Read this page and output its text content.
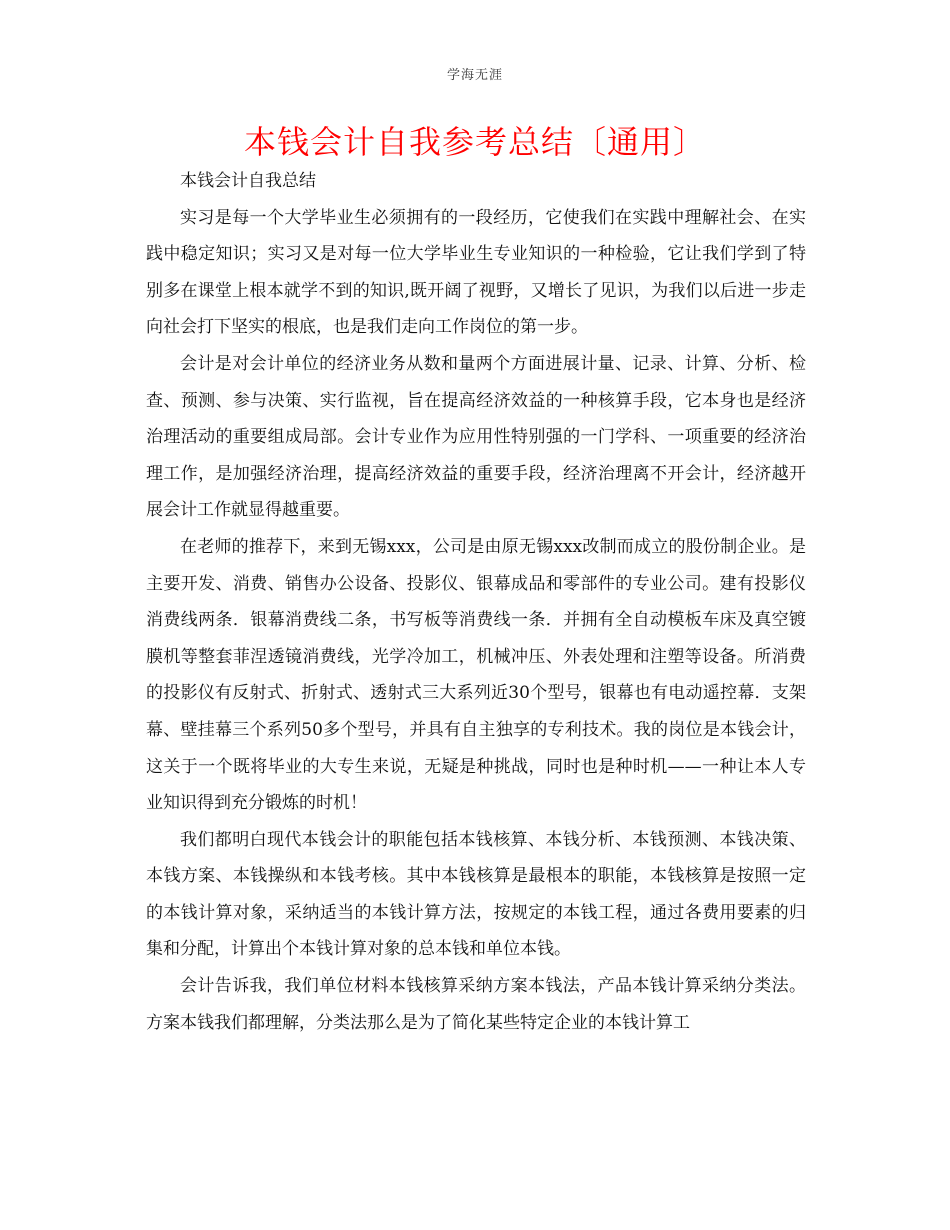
学海无涯
本钱会计自我参考总结〔通用〕

本钱会计自我总结

实习是每一个大学毕业生必须拥有的一段经历，它使我们在实践中理解社会、在实践中稳定知识；实习又是对每一位大学毕业生专业知识的一种检验，它让我们学到了特别多在课堂上根本就学不到的知识,既开阔了视野，又增长了见识，为我们以后进一步走向社会打下坚实的根底，也是我们走向工作岗位的第一步。

会计是对会计单位的经济业务从数和量两个方面进展计量、记录、计算、分析、检查、预测、参与决策、实行监视，旨在提高经济效益的一种核算手段，它本身也是经济治理活动的重要组成局部。会计专业作为应用性特别强的一门学科、一项重要的经济治理工作，是加强经济治理，提高经济效益的重要手段，经济治理离不开会计，经济越开展会计工作就显得越重要。

在老师的推荐下，来到无锡xxx，公司是由原无锡xxx改制而成立的股份制企业。是主要开发、消费、销售办公设备、投影仪、银幕成品和零部件的专业公司。建有投影仪消费线两条．银幕消费线二条，书写板等消费线一条．并拥有全自动模板车床及真空镀膜机等整套菲涅透镜消费线，光学冷加工，机械冲压、外表处理和注塑等设备。所消费的投影仪有反射式、折射式、透射式三大系列近30个型号，银幕也有电动遥控幕．支架幕、壁挂幕三个系列50多个型号，并具有自主独享的专利技术。我的岗位是本钱会计，这关于一个既将毕业的大专生来说，无疑是种挑战，同时也是种时机——一种让本人专业知识得到充分锻炼的时机！

我们都明白现代本钱会计的职能包括本钱核算、本钱分析、本钱预测、本钱决策、本钱方案、本钱操纵和本钱考核。其中本钱核算是最根本的职能，本钱核算是按照一定的本钱计算对象，采纳适当的本钱计算方法，按规定的本钱工程，通过各费用要素的归集和分配，计算出个本钱计算对象的总本钱和单位本钱。

会计告诉我，我们单位材料本钱核算采纳方案本钱法，产品本钱计算采纳分类法。方案本钱我们都理解，分类法那么是为了简化某些特定企业的本钱计算工
